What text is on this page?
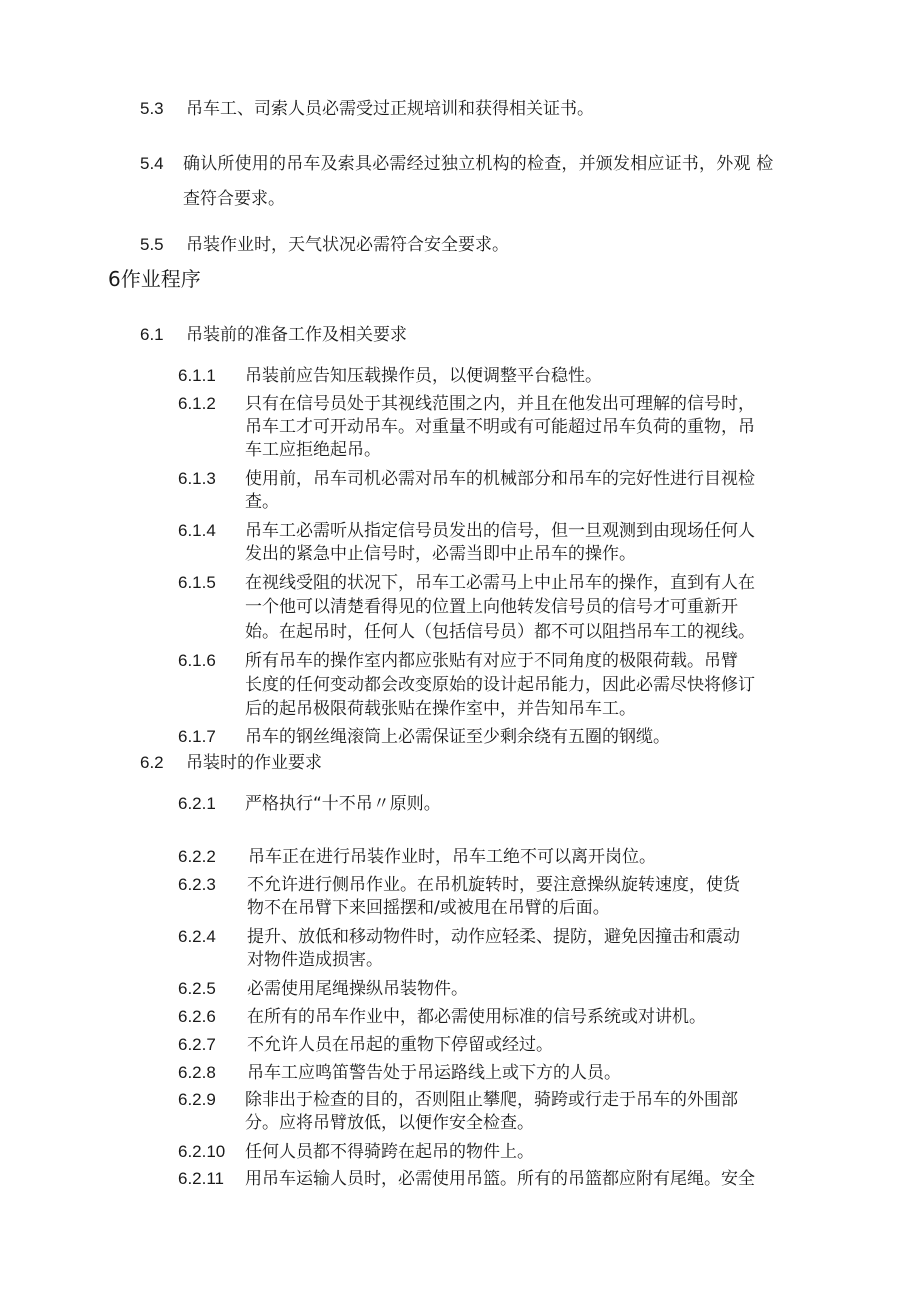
5.3 吊车工、司索人员必需受过正规培训和获得相关证书。
5.4 确认所使用的吊车及索具必需经过独立机构的检查，并颁发相应证书，外观 检
查符合要求。
5.5 吊装作业时，天气状况必需符合安全要求。
6作业程序
6.1 吊装前的准备工作及相关要求
6.1.1 吊装前应告知压载操作员，以便调整平台稳性。
6.1.2 只有在信号员处于其视线范围之内，并且在他发出可理解的信号时，
吊车工才可开动吊车。对重量不明或有可能超过吊车负荷的重物，吊
车工应拒绝起吊。
6.1.3 使用前，吊车司机必需对吊车的机械部分和吊车的完好性进行目视检
查。
6.1.4 吊车工必需听从指定信号员发出的信号，但一旦观测到由现场任何人
发出的紧急中止信号时，必需当即中止吊车的操作。
6.1.5 在视线受阻的状况下，吊车工必需马上中止吊车的操作，直到有人在
一个他可以清楚看得见的位置上向他转发信号员的信号才可重新开
始。在起吊时，任何人（包括信号员）都不可以阻挡吊车工的视线。
6.1.6 所有吊车的操作室内都应张贴有对应于不同角度的极限荷载。吊臂
长度的任何变动都会改变原始的设计起吊能力，因此必需尽快将修订
后的起吊极限荷载张贴在操作室中，并告知吊车工。
6.1.7 吊车的钢丝绳滚筒上必需保证至少剩余绕有五圈的钢缆。
6.2 吊装时的作业要求
6.2.1 严格执行“十不吊〃原则。
6.2.2 吊车正在进行吊装作业时，吊车工绝不可以离开岗位。
6.2.3 不允许进行侧吊作业。在吊机旋转时，要注意操纵旋转速度，使货
物不在吊臂下来回摇摆和/或被甩在吊臂的后面。
6.2.4 提升、放低和移动物件时，动作应轻柔、提防，避免因撞击和震动
对物件造成损害。
6.2.5 必需使用尾绳操纵吊装物件。
6.2.6 在所有的吊车作业中，都必需使用标准的信号系统或对讲机。
6.2.7 不允许人员在吊起的重物下停留或经过。
6.2.8 吊车工应鸣笛警告处于吊运路线上或下方的人员。
6.2.9 除非出于检查的目的，否则阻止攀爬，骑跨或行走于吊车的外围部
分。应将吊臂放低，以便作安全检查。
6.2.10 任何人员都不得骑跨在起吊的物件上。
6.2.11 用吊车运输人员时，必需使用吊篮。所有的吊篮都应附有尾绳。安全
